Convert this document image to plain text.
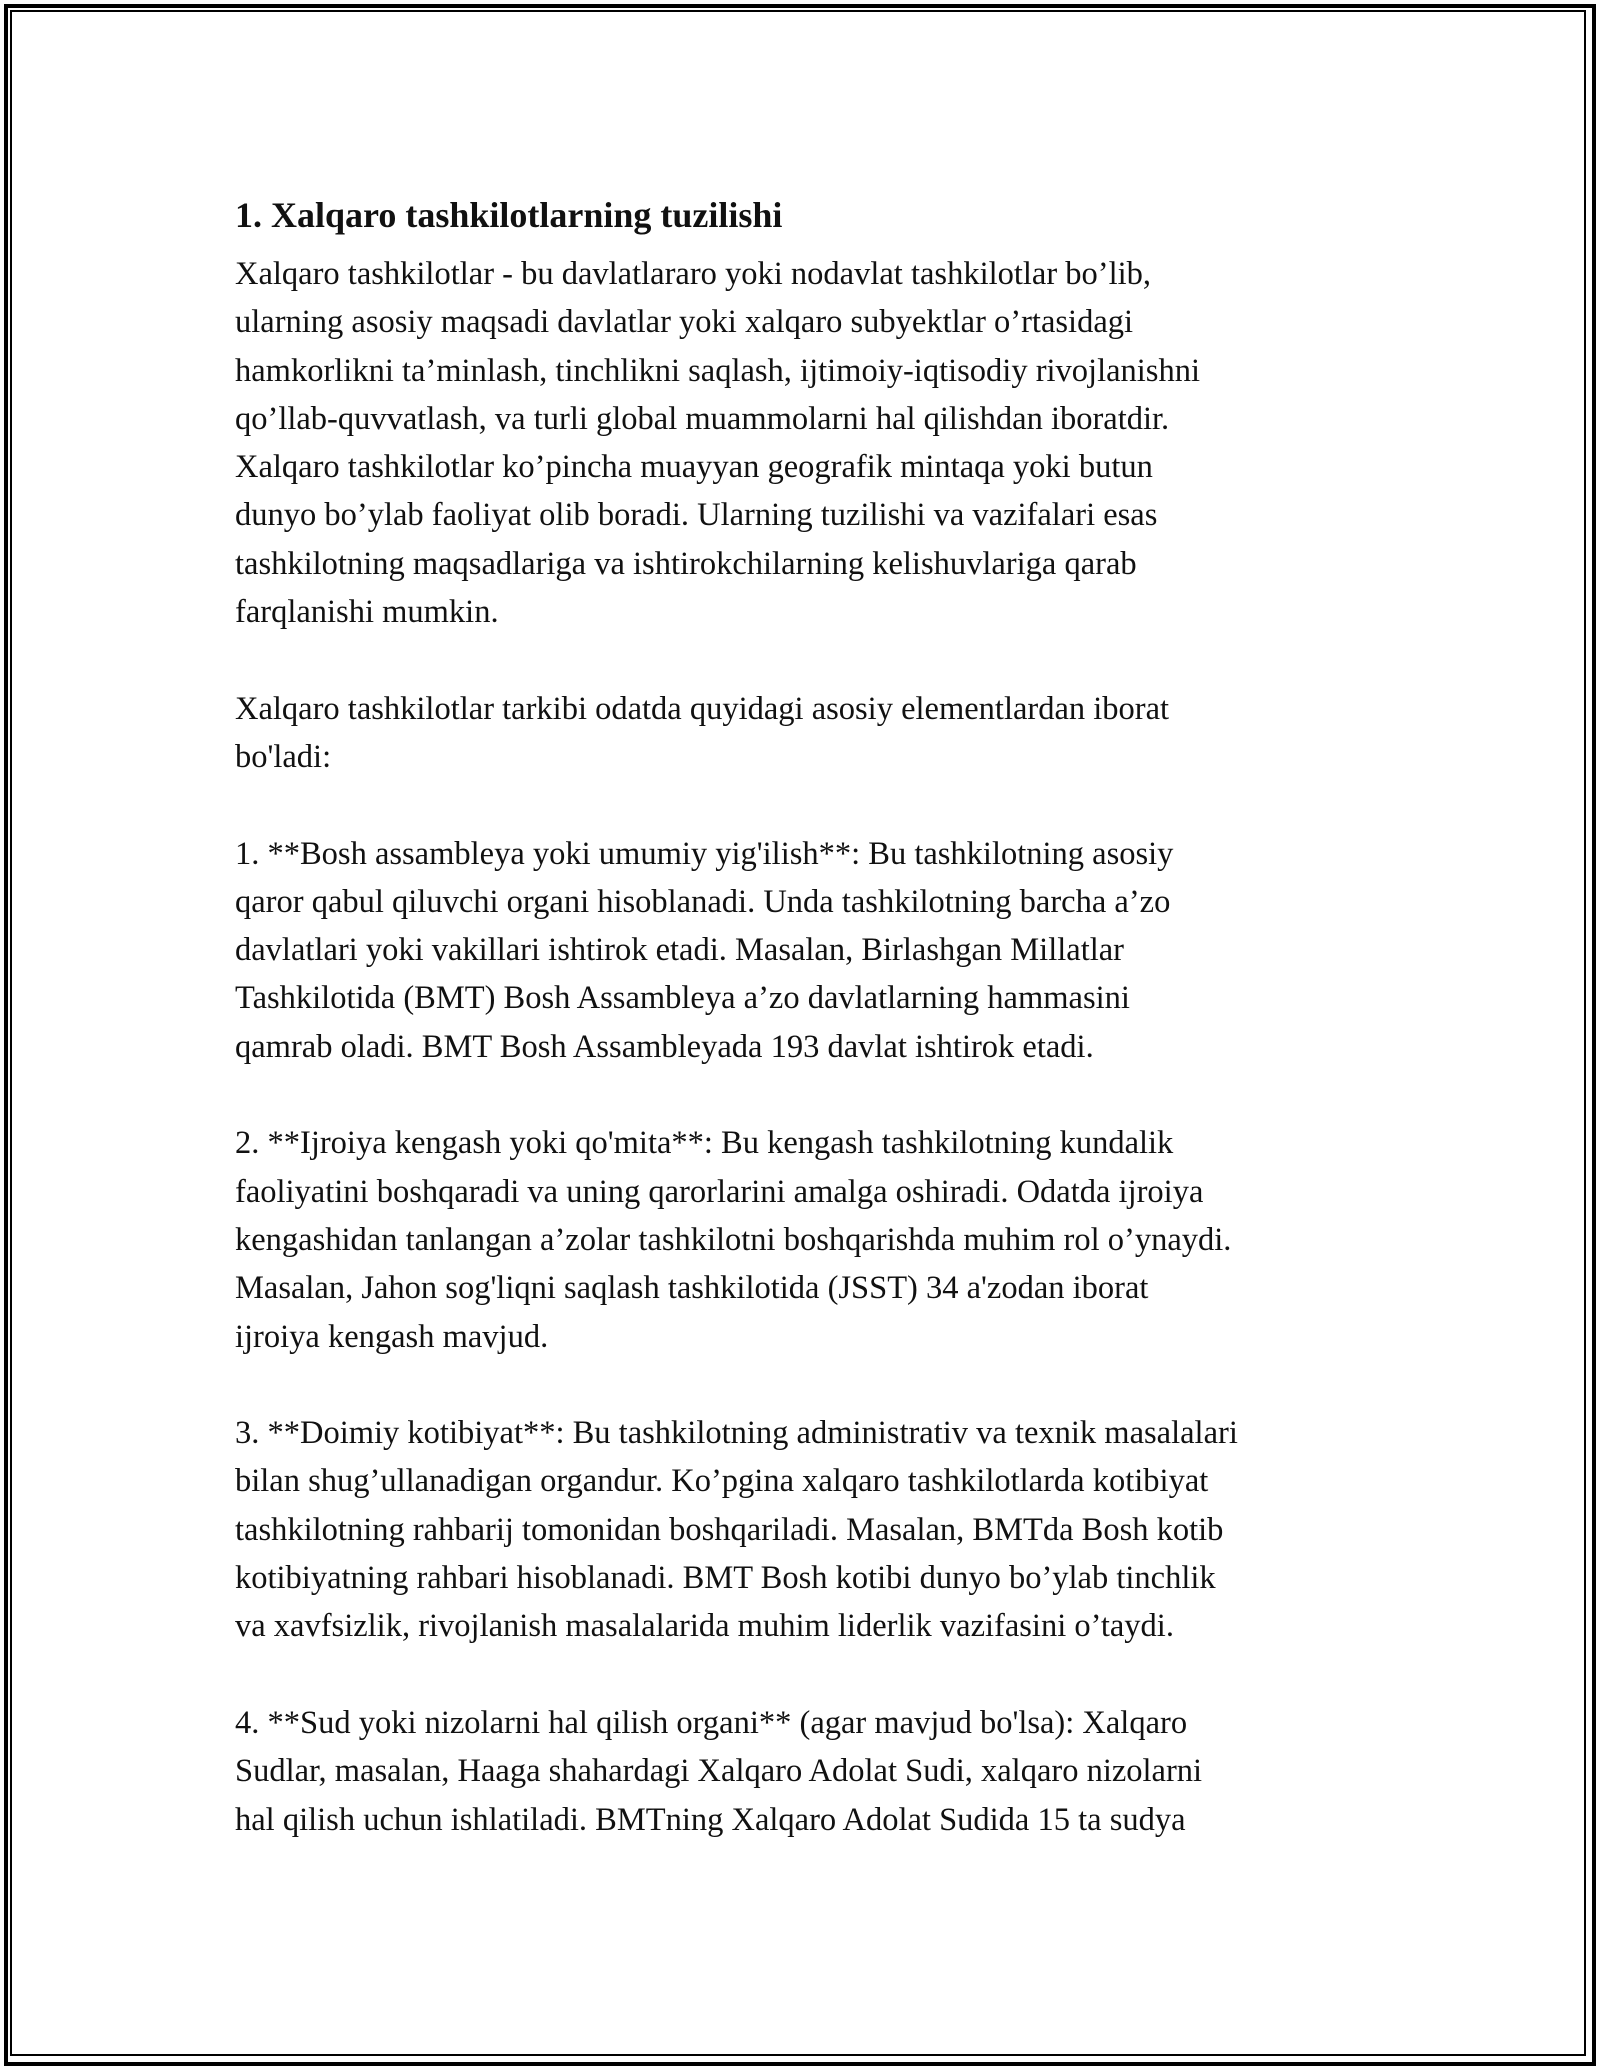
1. Xalqaro tashkilotlarning tuzilishi
Xalqaro tashkilotlar - bu davlatlararo yoki nodavlat tashkilotlar bo’lib,
ularning asosiy maqsadi davlatlar yoki xalqaro subyektlar o’rtasidagi
hamkorlikni ta’minlash, tinchlikni saqlash, ijtimoiy-iqtisodiy rivojlanishni
qo’llab-quvvatlash, va turli global muammolarni hal qilishdan iboratdir.
Xalqaro tashkilotlar ko’pincha muayyan geografik mintaqa yoki butun
dunyo bo’ylab faoliyat olib boradi. Ularning tuzilishi va vazifalari esas
tashkilotning maqsadlariga va ishtirokchilarning kelishuvlariga qarab
farqlanishi mumkin.
Xalqaro tashkilotlar tarkibi odatda quyidagi asosiy elementlardan iborat
bo'ladi:
1. **Bosh assambleya yoki umumiy yig'ilish**: Bu tashkilotning asosiy
qaror qabul qiluvchi organi hisoblanadi. Unda tashkilotning barcha a’zo
davlatlari yoki vakillari ishtirok etadi. Masalan, Birlashgan Millatlar
Tashkilotida (BMT) Bosh Assambleya a’zo davlatlarning hammasini
qamrab oladi. BMT Bosh Assambleyada 193 davlat ishtirok etadi.
2. **Ijroiya kengash yoki qo'mita**: Bu kengash tashkilotning kundalik
faoliyatini boshqaradi va uning qarorlarini amalga oshiradi. Odatda ijroiya
kengashidan tanlangan a’zolar tashkilotni boshqarishda muhim rol o’ynaydi.
Masalan, Jahon sog'liqni saqlash tashkilotida (JSST) 34 a'zodan iborat
ijroiya kengash mavjud.
3. **Doimiy kotibiyat**: Bu tashkilotning administrativ va texnik masalalari
bilan shug’ullanadigan organdur. Ko’pgina xalqaro tashkilotlarda kotibiyat
tashkilotning rahbarij tomonidan boshqariladi. Masalan, BMTda Bosh kotib
kotibiyatning rahbari hisoblanadi. BMT Bosh kotibi dunyo bo’ylab tinchlik
va xavfsizlik, rivojlanish masalalarida muhim liderlik vazifasini o’taydi.
4. **Sud yoki nizolarni hal qilish organi** (agar mavjud bo'lsa): Xalqaro
Sudlar, masalan, Haaga shahardagi Xalqaro Adolat Sudi, xalqaro nizolarni
hal qilish uchun ishlatiladi. BMTning Xalqaro Adolat Sudida 15 ta sudya
